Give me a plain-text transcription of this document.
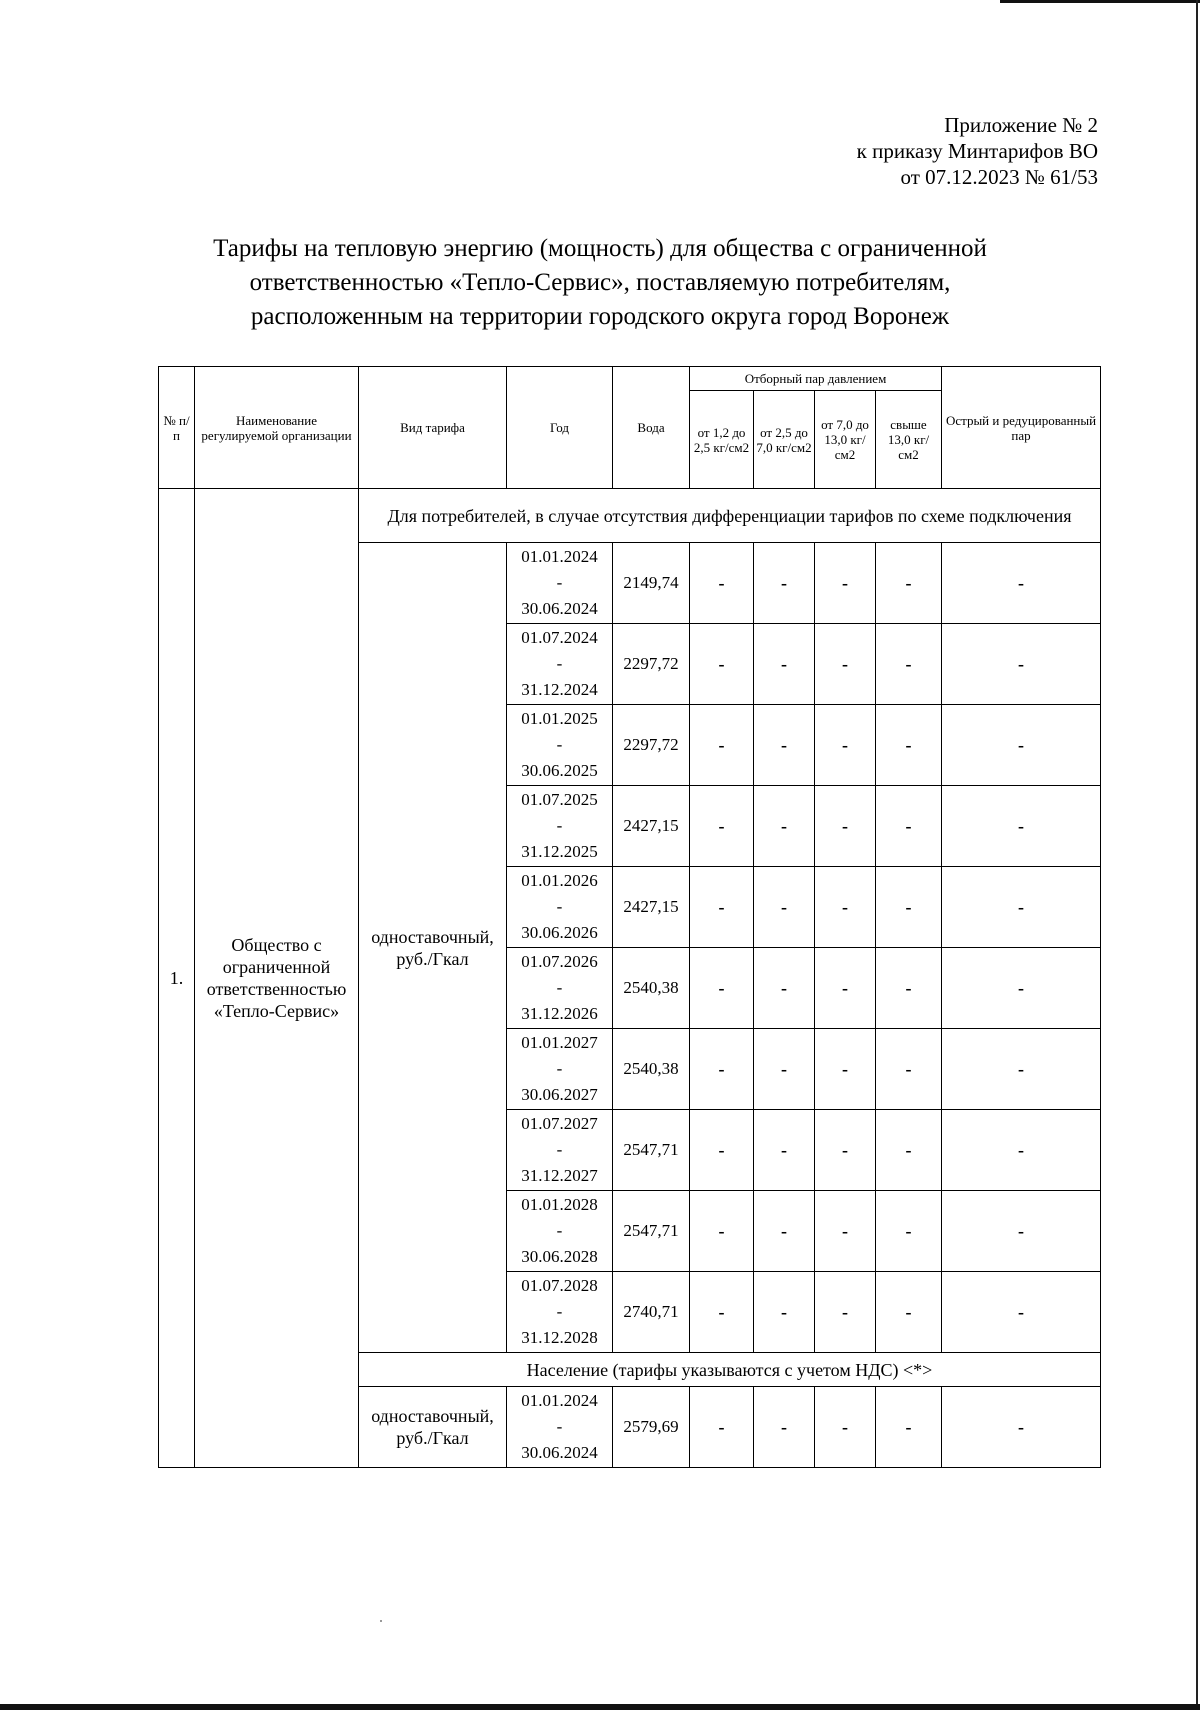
Приложение № 2
к приказу Минтарифов ВО
от 07.12.2023 № 61/53
Тарифы на тепловую энергию (мощность) для общества с ограниченной
ответственностью «Тепло-Сервис», поставляемую потребителям,
расположенным на территории городского округа город Воронеж
№ п/п	Наименование регулируемой организации	Вид тарифа	Год	Вода	Отборный пар давлением				Острый и редуцированный пар
					от 1,2 до 2,5 кг/см2	от 2,5 до 7,0 кг/см2	от 7,0 до 13,0 кг/см2	свыше 13,0 кг/см2	
1.	Общество с ограниченной ответственностью «Тепло-Сервис»	Для потребителей, в случае отсутствия дифференциации тарифов по схеме подключения							
		одноставочный, руб./Гкал	01.01.2024
-
30.06.2024	2149,74	-	-	-	-	-

			01.07.2024
-
31.12.2024	2297,72	-	-	-	-	-

			01.01.2025
-
30.06.2025	2297,72	-	-	-	-	-

			01.07.2025
-
31.12.2025	2427,15	-	-	-	-	-

			01.01.2026
-
30.06.2026	2427,15	-	-	-	-	-

			01.07.2026
-
31.12.2026	2540,38	-	-	-	-	-

			01.01.2027
-
30.06.2027	2540,38	-	-	-	-	-

			01.07.2027
-
31.12.2027	2547,71	-	-	-	-	-

			01.01.2028
-
30.06.2028	2547,71	-	-	-	-	-

			01.07.2028
-
31.12.2028	2740,71	-	-	-	-	-
		Население (тарифы указываются с учетом НДС) <*>							
		одноставочный, руб./Гкал	01.01.2024
-
30.06.2024	2579,69	-	-	-	-	-
